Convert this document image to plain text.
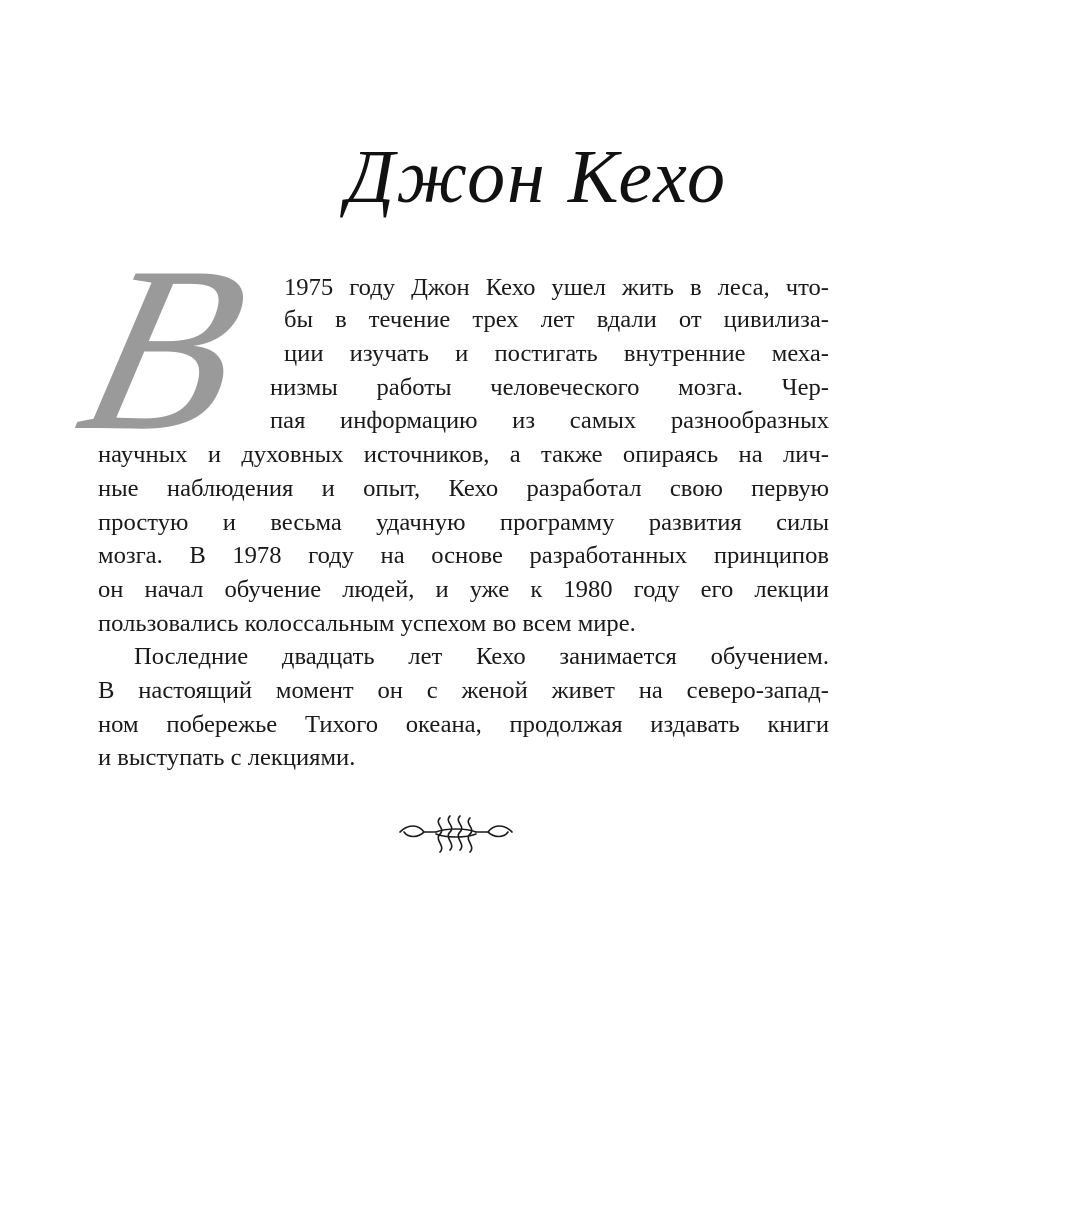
Джон Кехо
В 1975 году Джон Кехо ушел жить в леса, что-
бы в течение трех лет вдали от цивилиза-
ции изучать и постигать внутренние меха-
низмы работы человеческого мозга. Чер-
пая информацию из самых разнообразных
научных и духовных источников, а также опираясь на лич-
ные наблюдения и опыт, Кехо разработал свою первую
простую и весьма удачную программу развития силы
мозга. В 1978 году на основе разработанных принципов
он начал обучение людей, и уже к 1980 году его лекции
пользовались колоссальным успехом во всем мире.
Последние двадцать лет Кехо занимается обучением.
В настоящий момент он с женой живет на северо-запад-
ном побережье Тихого океана, продолжая издавать книги
и выступать с лекциями.
